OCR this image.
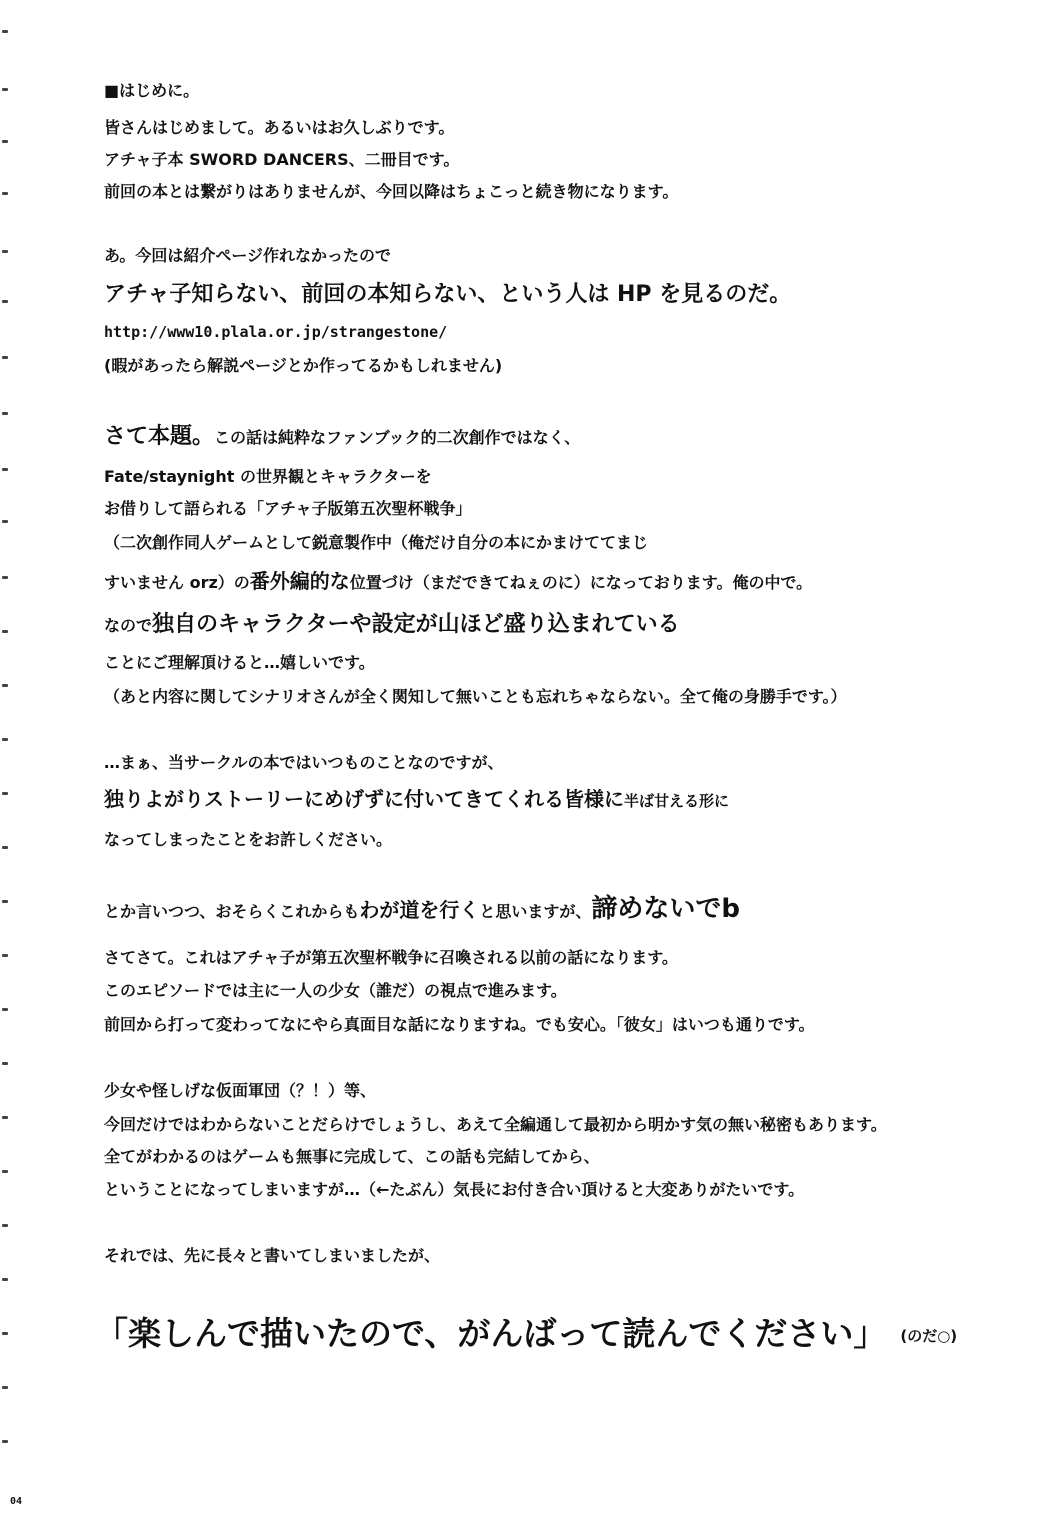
■はじめに。
皆さんはじめまして。あるいはお久しぶりです。
アチャ子本 SWORD DANCERS、二冊目です。
前回の本とは繋がりはありませんが、今回以降はちょこっと続き物になります。
あ。今回は紹介ページ作れなかったので
アチャ子知らない、前回の本知らない、という人は HP を見るのだ。
http://www10.plala.or.jp/strangestone/
(暇があったら解説ページとか作ってるかもしれません)
さて本題。この話は純粋なファンブック的二次創作ではなく、
Fate/staynight の世界観とキャラクターを
お借りして語られる「アチャ子版第五次聖杯戦争」
（二次創作同人ゲームとして鋭意製作中（俺だけ自分の本にかまけててまじ
すいません orz）の番外編的な位置づけ（まだできてねぇのに）になっております。俺の中で。
なので独自のキャラクターや設定が山ほど盛り込まれている
ことにご理解頂けると…嬉しいです。
（あと内容に関してシナリオさんが全く関知して無いことも忘れちゃならない。全て俺の身勝手です。）
…まぁ、当サークルの本ではいつものことなのですが、
独りよがりストーリーにめげずに付いてきてくれる皆様に半ば甘える形に
なってしまったことをお許しください。
とか言いつつ、おそらくこれからもわが道を行くと思いますが、諦めないでb
さてさて。これはアチャ子が第五次聖杯戦争に召喚される以前の話になります。
このエピソードでは主に一人の少女（誰だ）の視点で進みます。
前回から打って変わってなにやら真面目な話になりますね。でも安心。「彼女」はいつも通りです。
少女や怪しげな仮面軍団（？！）等、
今回だけではわからないことだらけでしょうし、あえて全編通して最初から明かす気の無い秘密もあります。
全てがわかるのはゲームも無事に完成して、この話も完結してから、
ということになってしまいますが…（←たぶん）気長にお付き合い頂けると大変ありがたいです。
それでは、先に長々と書いてしまいましたが、
「楽しんで描いたので、がんばって読んでください」 (のだ○)
04
